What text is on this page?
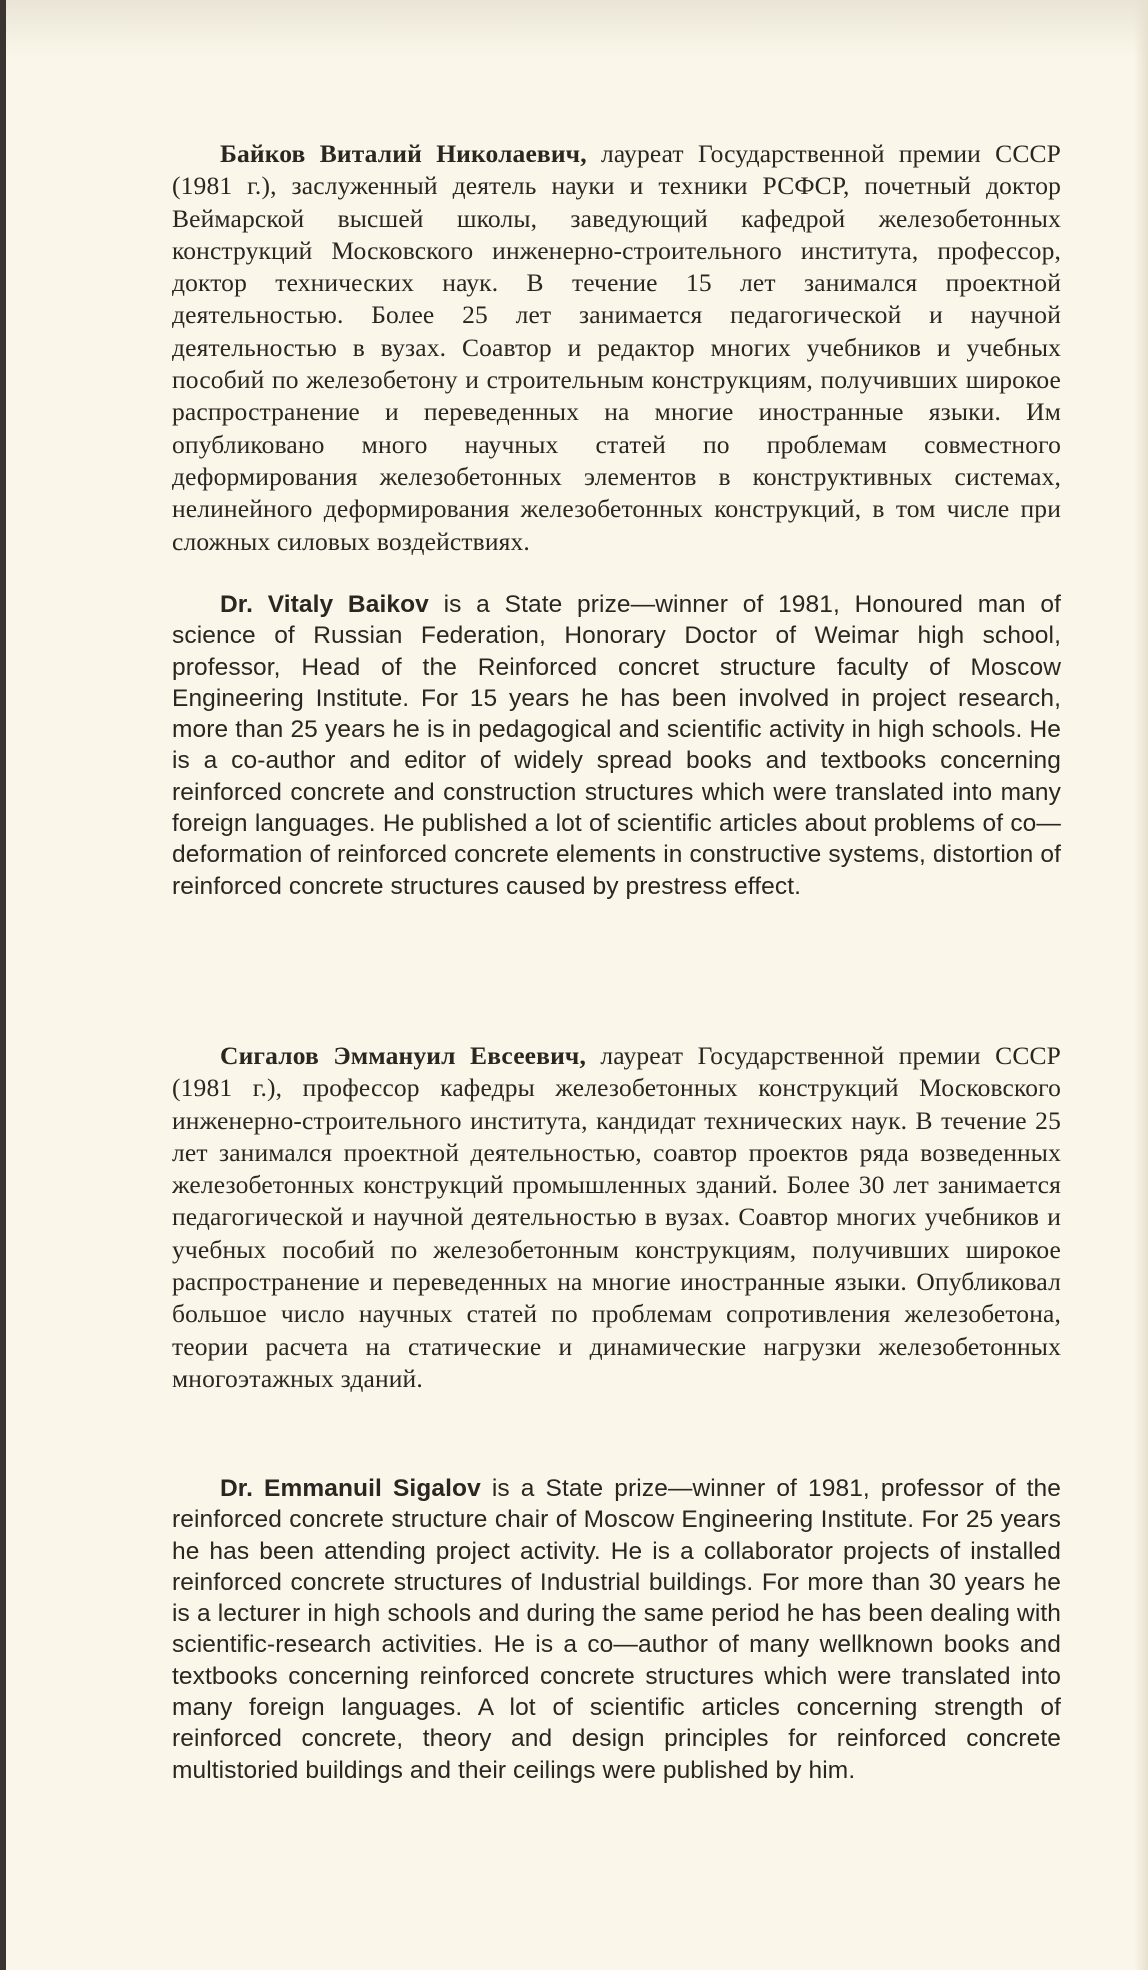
Байков Виталий Николаевич, лауреат Государственной премии СССР (1981 г.), заслуженный деятель науки и техники РСФСР, почетный доктор Веймарской высшей школы, заведующий кафедрой железобетонных конструкций Московского инженерно-строительного института, профессор, доктор технических наук. В течение 15 лет занимался проектной деятельностью. Более 25 лет занимается педагогической и научной деятельностью в вузах. Соавтор и редактор многих учебников и учебных пособий по железобетону и строительным конструкциям, получивших широкое распространение и переведенных на многие иностранные языки. Им опубликовано много научных статей по проблемам совместного деформирования железобетонных элементов в конструктивных системах, нелинейного деформирования железобетонных конструкций, в том числе при сложных силовых воздействиях.

Dr. Vitaly Baikov is a State prize—winner of 1981, Honoured man of science of Russian Federation, Honorary Doctor of Weimar high school, professor, Head of the Reinforced concret structure faculty of Moscow Engineering Institute. For 15 years he has been involved in project research, more than 25 years he is in pedagogical and scientific activity in high schools. He is a co-author and editor of widely spread books and textbooks concerning reinforced concrete and construction structures which were translated into many foreign languages. He published a lot of scientific articles about problems of co—deformation of reinforced concrete elements in constructive systems, distortion of reinforced concrete structures caused by prestress effect.

Сигалов Эммануил Евсеевич, лауреат Государственной премии СССР (1981 г.), профессор кафедры железобетонных конструкций Московского инженерно-строительного института, кандидат технических наук. В течение 25 лет занимался проектной деятельностью, соавтор проектов ряда возведенных железобетонных конструкций промышленных зданий. Более 30 лет занимается педагогической и научной деятельностью в вузах. Соавтор многих учебников и учебных пособий по железобетонным конструкциям, получивших широкое распространение и переведенных на многие иностранные языки. Опубликовал большое число научных статей по проблемам сопротивления железобетона, теории расчета на статические и динамические нагрузки железобетонных многоэтажных зданий.

Dr. Emmanuil Sigalov is a State prize—winner of 1981, professor of the reinforced concrete structure chair of Moscow Engineering Institute. For 25 years he has been attending project activity. He is a collaborator projects of installed reinforced concrete structures of Industrial buildings. For more than 30 years he is a lecturer in high schools and during the same period he has been dealing with scientific-research activities. He is a co—author of many wellknown books and textbooks concerning reinforced concrete structures which were translated into many foreign languages. A lot of scientific articles concerning strength of reinforced concrete, theory and design principles for reinforced concrete multistoried buildings and their ceilings were published by him.
